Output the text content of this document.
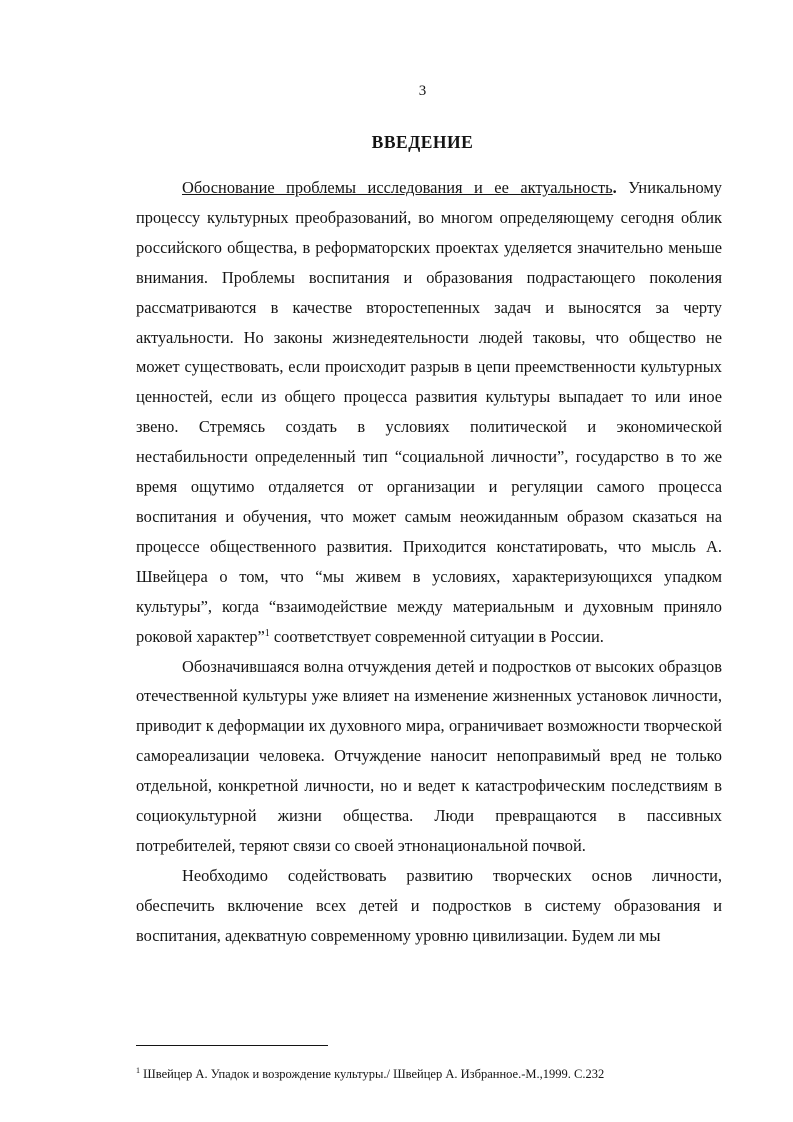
3
ВВЕДЕНИЕ

Обоснование проблемы исследования и ее актуальность. Уникальному процессу культурных преобразований, во многом определяющему сегодня облик российского общества, в реформаторских проектах уделяется значительно меньше внимания. Проблемы воспитания и образования подрастающего поколения рассматриваются в качестве второстепенных задач и выносятся за черту актуальности. Но законы жизнедеятельности людей таковы, что общество не может существовать, если происходит разрыв в цепи преемственности культурных ценностей, если из общего процесса развития культуры выпадает то или иное звено. Стремясь создать в условиях политической и экономической нестабильности определенный тип “социальной личности”, государство в то же время ощутимо отдаляется от организации и регуляции самого процесса воспитания и обучения, что может самым неожиданным образом сказаться на процессе общественного развития. Приходится констатировать, что мысль А. Швейцера о том, что “мы живем в условиях, характеризующихся упадком культуры”, когда “взаимодействие между материальным и духовным приняло роковой характер”$^1$ соответствует современной ситуации в России.

Обозначившаяся волна отчуждения детей и подростков от высоких образцов отечественной культуры уже влияет на изменение жизненных установок личности, приводит к деформации их духовного мира, ограничивает возможности творческой самореализации человека. Отчуждение наносит непоправимый вред не только отдельной, конкретной личности, но и ведет к катастрофическим последствиям в социокультурной жизни общества. Люди превращаются в пассивных потребителей, теряют связи со своей этнонациональной почвой.

Необходимо содействовать развитию творческих основ личности, обеспечить включение всех детей и подростков в систему образования и воспитания, адекватную современному уровню цивилизации. Будем ли мы

$^1$ Швейцер А. Упадок и возрождение культуры./ Швейцер А. Избранное.-М.,1999. С.232
